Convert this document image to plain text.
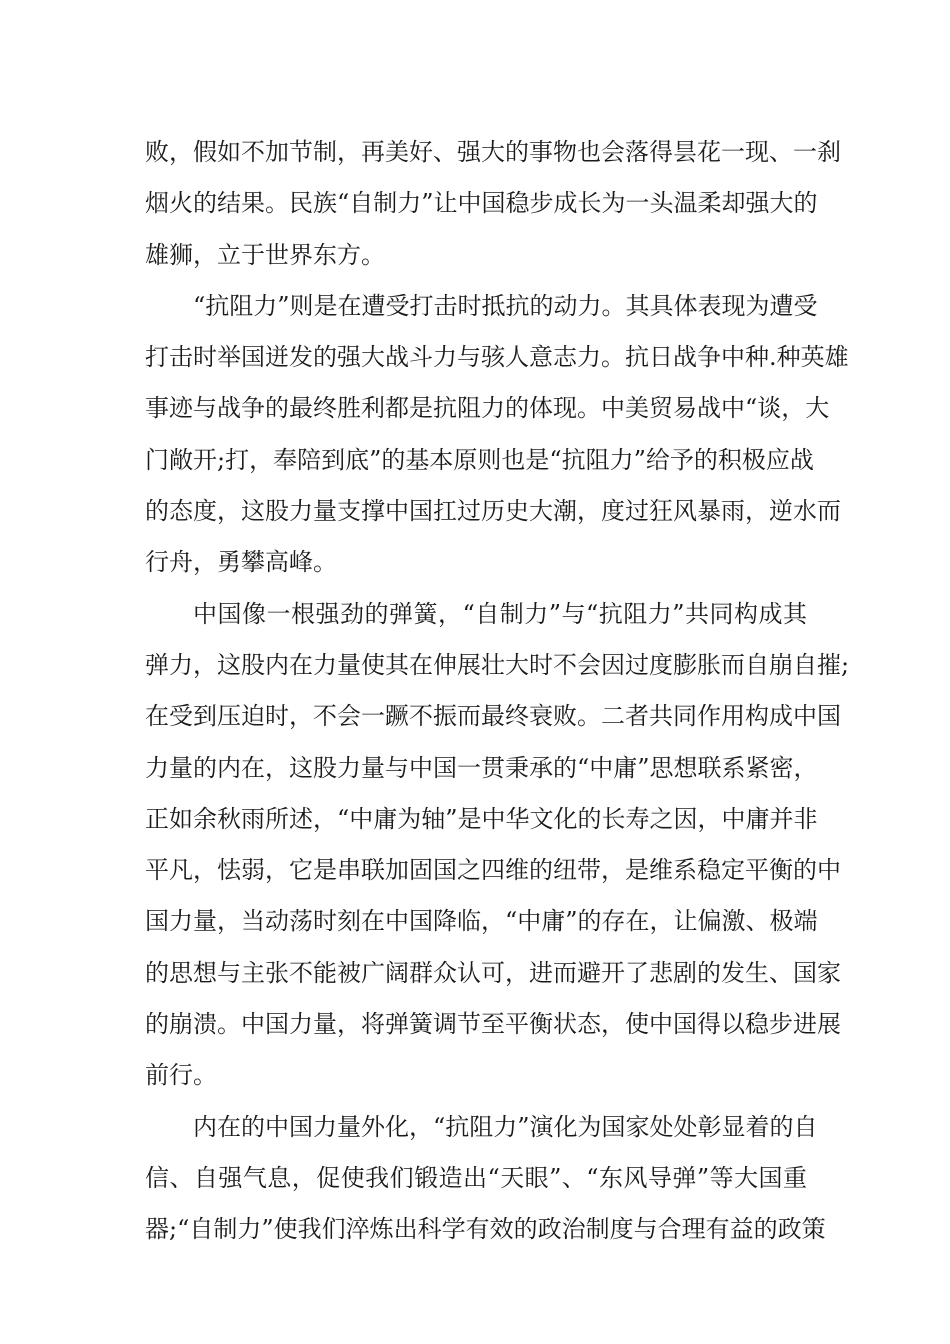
败，假如不加节制，再美好、强大的事物也会落得昙花一现、一刹
烟火的结果。民族“自制力”让中国稳步成长为一头温柔却强大的
雄狮，立于世界东方。
“抗阻力”则是在遭受打击时抵抗的动力。其具体表现为遭受
打击时举国迸发的强大战斗力与骇人意志力。抗日战争中种.种英雄
事迹与战争的最终胜利都是抗阻力的体现。中美贸易战中“谈，大
门敞开;打，奉陪到底”的基本原则也是“抗阻力”给予的积极应战
的态度，这股力量支撑中国扛过历史大潮，度过狂风暴雨，逆水而
行舟，勇攀高峰。
中国像一根强劲的弹簧，“自制力”与“抗阻力”共同构成其
弹力，这股内在力量使其在伸展壮大时不会因过度膨胀而自崩自摧;
在受到压迫时，不会一蹶不振而最终衰败。二者共同作用构成中国
力量的内在，这股力量与中国一贯秉承的“中庸”思想联系紧密，
正如余秋雨所述，“中庸为轴”是中华文化的长寿之因，中庸并非
平凡，怯弱，它是串联加固国之四维的纽带，是维系稳定平衡的中
国力量，当动荡时刻在中国降临，“中庸”的存在，让偏激、极端
的思想与主张不能被广阔群众认可，进而避开了悲剧的发生、国家
的崩溃。中国力量，将弹簧调节至平衡状态，使中国得以稳步进展
前行。
内在的中国力量外化，“抗阻力”演化为国家处处彰显着的自
信、自强气息，促使我们锻造出“天眼”、“东风导弹”等大国重
器;“自制力”使我们淬炼出科学有效的政治制度与合理有益的政策
